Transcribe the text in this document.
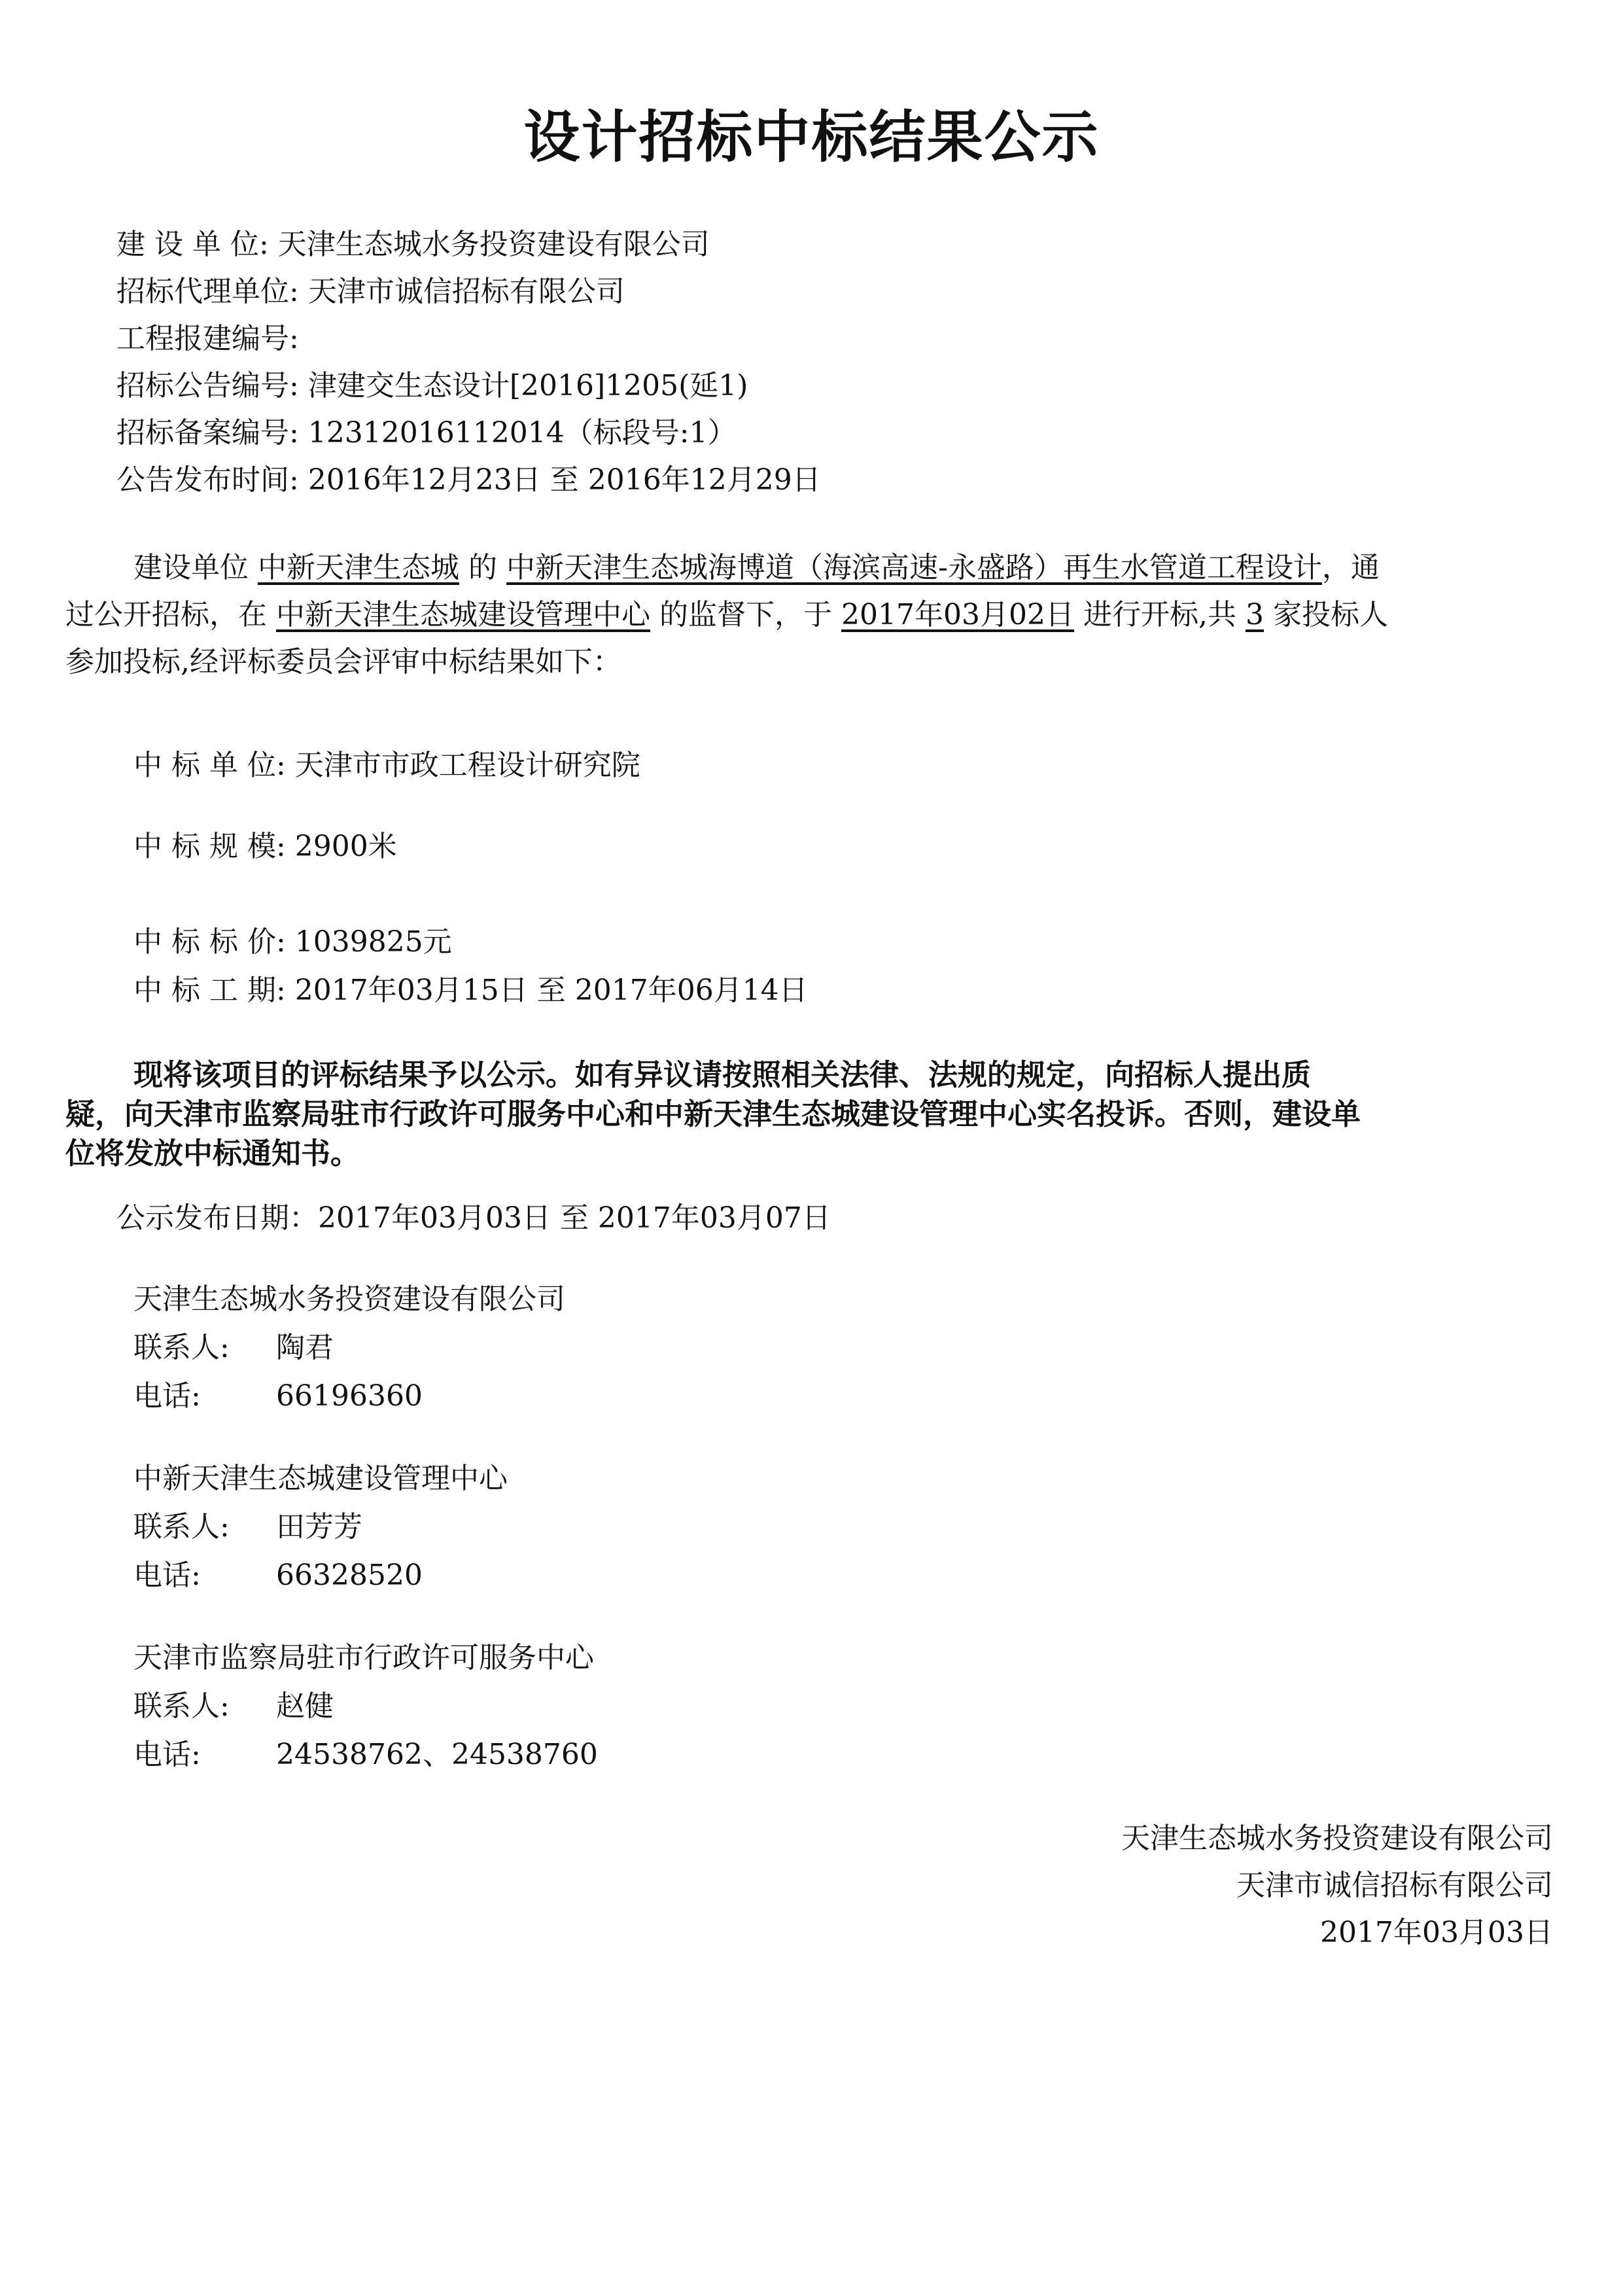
设计招标中标结果公示
建 设 单 位: 天津生态城水务投资建设有限公司
招标代理单位: 天津市诚信招标有限公司
工程报建编号:
招标公告编号: 津建交生态设计[2016]1205(延1)
招标备案编号: 12312016112014（标段号:1）
公告发布时间: 2016年12月23日 至 2016年12月29日
建设单位 中新天津生态城 的 中新天津生态城海博道（海滨高速-永盛路）再生水管道工程设计，通
过公开招标，在 中新天津生态城建设管理中心 的监督下，于 2017年03月02日 进行开标,共 3 家投标人
参加投标,经评标委员会评审中标结果如下：
中 标 单 位: 天津市市政工程设计研究院
中 标 规 模: 2900米
中 标 标 价: 1039825元
中 标 工 期: 2017年03月15日 至 2017年06月14日
现将该项目的评标结果予以公示。如有异议请按照相关法律、法规的规定，向招标人提出质
疑，向天津市监察局驻市行政许可服务中心和中新天津生态城建设管理中心实名投诉。否则，建设单
位将发放中标通知书。
公示发布日期：2017年03月03日 至 2017年03月07日
天津生态城水务投资建设有限公司
联系人: 陶君
电话:	66196360
中新天津生态城建设管理中心
联系人: 田芳芳
电话:	66328520
天津市监察局驻市行政许可服务中心
联系人: 赵健
电话:	24538762、24538760
天津生态城水务投资建设有限公司
天津市诚信招标有限公司
2017年03月03日
